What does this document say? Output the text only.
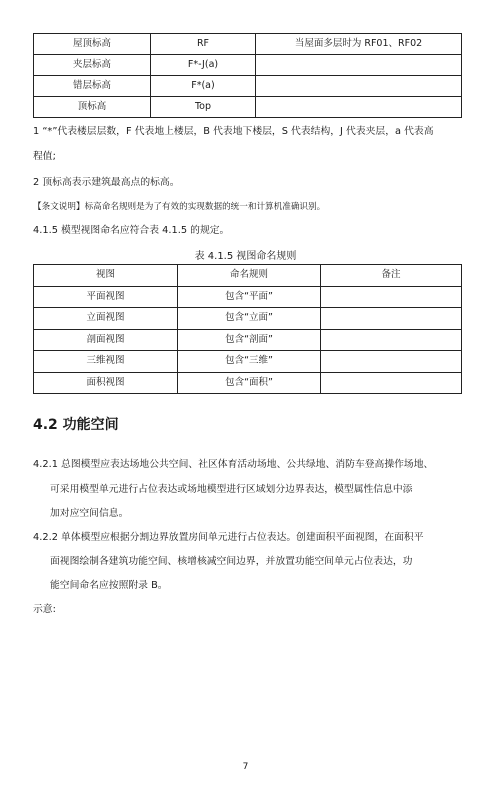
屋顶标高	RF	当屋面多层时为 RF01、RF02
夹层标高	F*-J(a)	
错层标高	F*(a)	
顶标高	Top	
1 “*”代表楼层层数，F 代表地上楼层，B 代表地下楼层，S 代表结构，J 代表夹层，a 代表高
程值;
2 顶标高表示建筑最高点的标高。
【条文说明】标高命名规则是为了有效的实现数据的统一和计算机准确识别。
4.1.5 模型视图命名应符合表 4.1.5 的规定。
表 4.1.5 视图命名规则
视图	命名规则	备注
平面视图	包含“平面”	
立面视图	包含“立面”	
剖面视图	包含“剖面”	
三维视图	包含“三维”	
面积视图	包含“面积”	
4.2 功能空间
4.2.1 总图模型应表达场地公共空间、社区体育活动场地、公共绿地、消防车登高操作场地、
可采用模型单元进行占位表达或场地模型进行区域划分边界表达，模型属性信息中添
加对应空间信息。
4.2.2 单体模型应根据分割边界放置房间单元进行占位表达。创建面积平面视图，在面积平
面视图绘制各建筑功能空间、核增核减空间边界，并放置功能空间单元占位表达，功
能空间命名应按照附录 B。
示意:
7
